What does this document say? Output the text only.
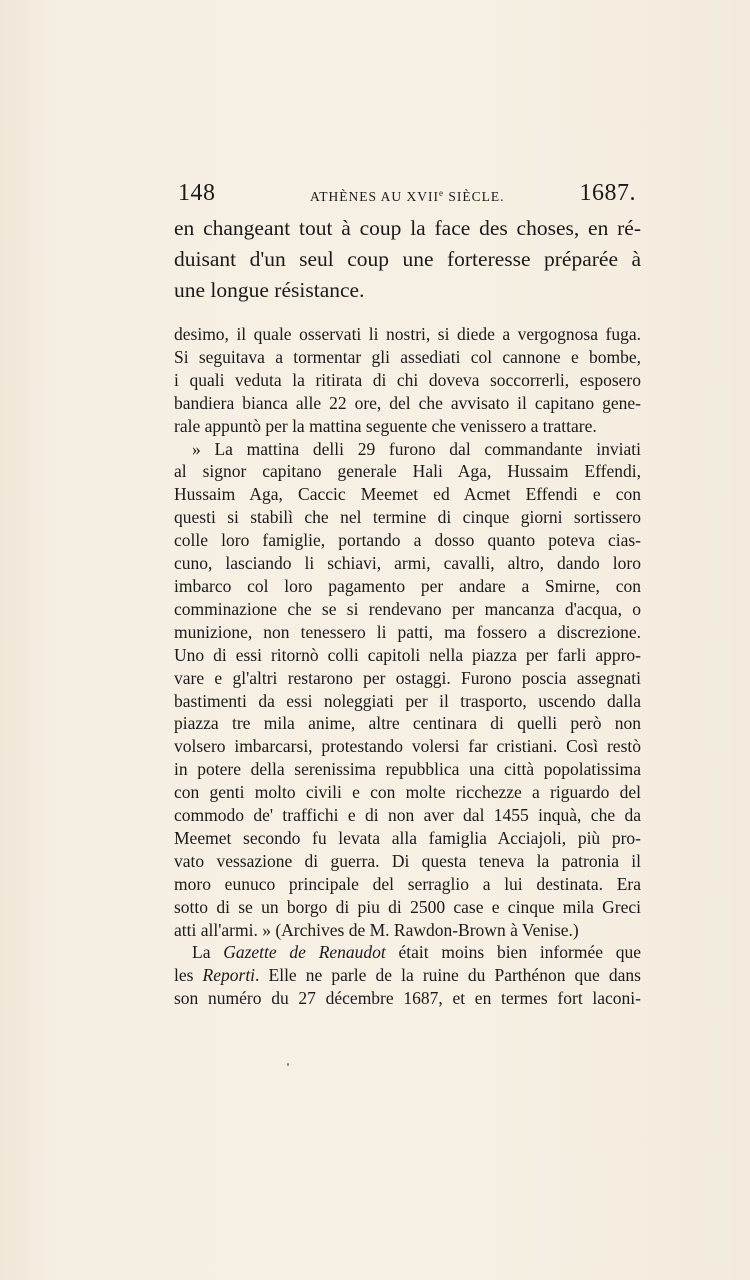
148	ATHÈNES AU XVIIe SIÈCLE.	1687.
en changeant tout à coup la face des choses, en ré-
duisant d'un seul coup une forteresse préparée à
une longue résistance.
desimo, il quale osservati li nostri, si diede a vergognosa fuga.
Si seguitava a tormentar gli assediati col cannone e bombe,
i quali veduta la ritirata di chi doveva soccorrerli, esposero
bandiera bianca alle 22 ore, del che avvisato il capitano gene-
rale appuntò per la mattina seguente che venissero a trattare.
» La mattina delli 29 furono dal commandante inviati
al signor capitano generale Hali Aga, Hussaim Effendi,
Hussaim Aga, Caccic Meemet ed Acmet Effendi e con
questi si stabilì che nel termine di cinque giorni sortissero
colle loro famiglie, portando a dosso quanto poteva cias-
cuno, lasciando li schiavi, armi, cavalli, altro, dando loro
imbarco col loro pagamento per andare a Smirne, con
comminazione che se si rendevano per mancanza d'acqua, o
munizione, non tenessero li patti, ma fossero a discrezione.
Uno di essi ritornò colli capitoli nella piazza per farli appro-
vare e gl'altri restarono per ostaggi. Furono poscia assegnati
bastimenti da essi noleggiati per il trasporto, uscendo dalla
piazza tre mila anime, altre centinara di quelli però non
volsero imbarcarsi, protestando volersi far cristiani. Così restò
in potere della serenissima repubblica una città popolatissima
con genti molto civili e con molte ricchezze a riguardo del
commodo de' traffichi e di non aver dal 1455 inquà, che da
Meemet secondo fu levata alla famiglia Acciajoli, più pro-
vato vessazione di guerra. Di questa teneva la patronia il
moro eunuco principale del serraglio a lui destinata. Era
sotto di se un borgo di piu di 2500 case e cinque mila Greci
atti all'armi. » (Archives de M. Rawdon-Brown à Venise.)
La Gazette de Renaudot était moins bien informée que
les Reporti. Elle ne parle de la ruine du Parthénon que dans
son numéro du 27 décembre 1687, et en termes fort laconi-
